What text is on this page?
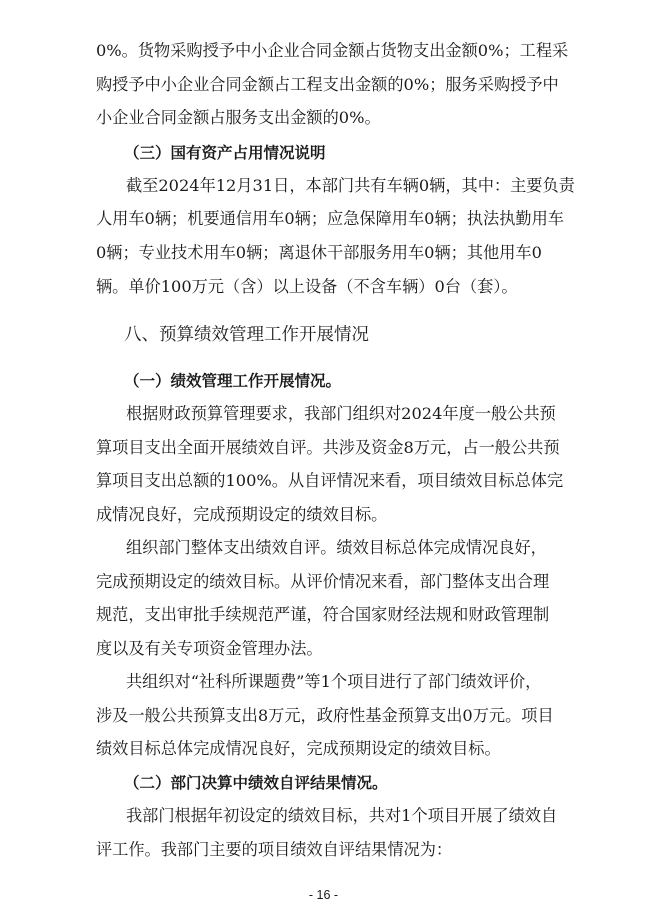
0%。货物采购授予中小企业合同金额占货物支出金额0%；工程采
购授予中小企业合同金额占工程支出金额的0%；服务采购授予中
小企业合同金额占服务支出金额的0%。
（三）国有资产占用情况说明
截至2024年12月31日，本部门共有车辆0辆，其中：主要负责
人用车0辆；机要通信用车0辆；应急保障用车0辆；执法执勤用车
0辆；专业技术用车0辆；离退休干部服务用车0辆；其他用车0
辆。单价100万元（含）以上设备（不含车辆）0台（套）。
八、预算绩效管理工作开展情况
（一）绩效管理工作开展情况。
根据财政预算管理要求，我部门组织对2024年度一般公共预
算项目支出全面开展绩效自评。共涉及资金8万元，占一般公共预
算项目支出总额的100%。从自评情况来看，项目绩效目标总体完
成情况良好，完成预期设定的绩效目标。
组织部门整体支出绩效自评。绩效目标总体完成情况良好，
完成预期设定的绩效目标。从评价情况来看，部门整体支出合理
规范，支出审批手续规范严谨，符合国家财经法规和财政管理制
度以及有关专项资金管理办法。
共组织对“社科所课题费”等1个项目进行了部门绩效评价，
涉及一般公共预算支出8万元，政府性基金预算支出0万元。项目
绩效目标总体完成情况良好，完成预期设定的绩效目标。
（二）部门决算中绩效自评结果情况。
我部门根据年初设定的绩效目标，共对1个项目开展了绩效自
评工作。我部门主要的项目绩效自评结果情况为：
- 16 -
